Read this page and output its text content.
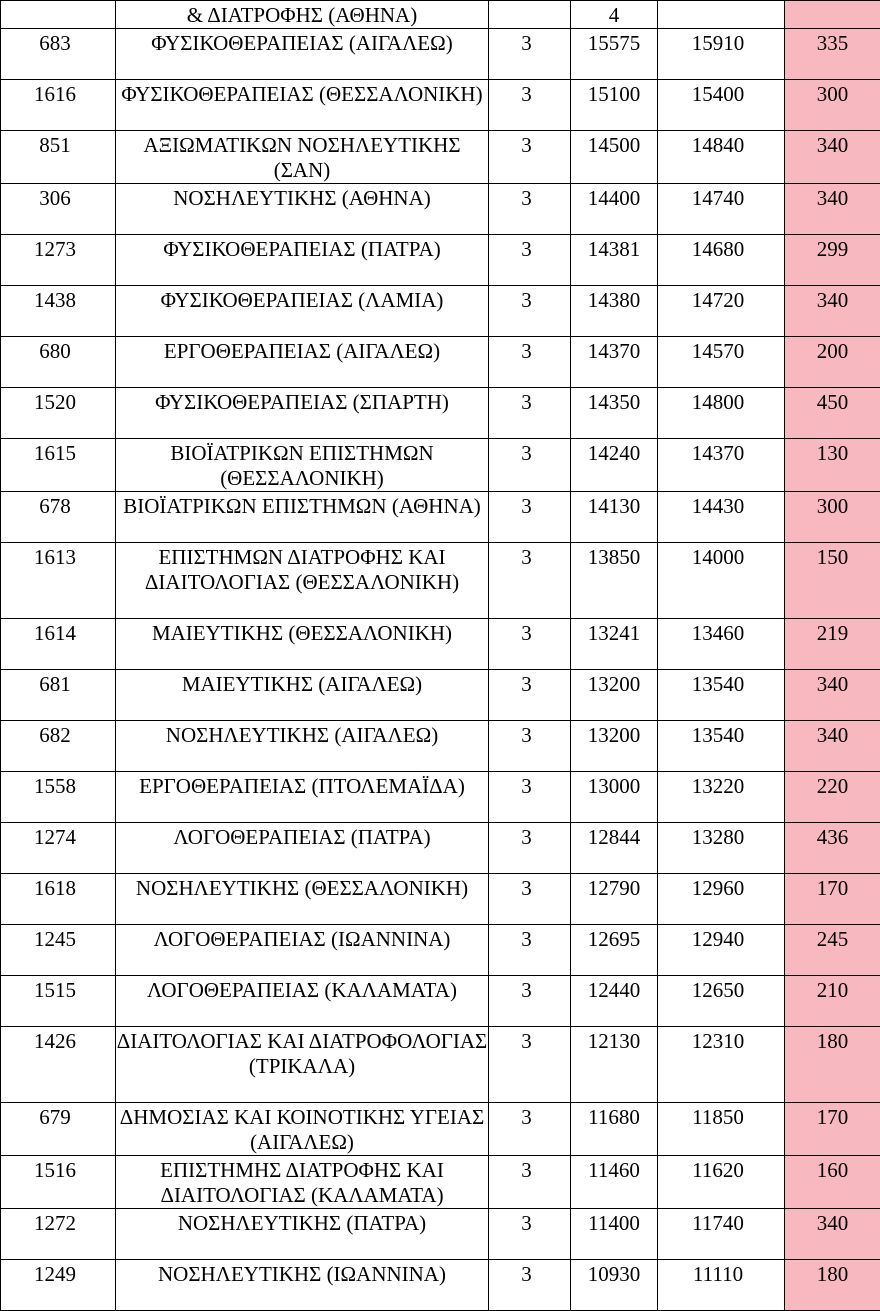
	& ΔΙΑΤΡΟΦΗΣ (ΑΘΗΝΑ)		4		
683	ΦΥΣΙΚΟΘΕΡΑΠΕΙΑΣ (ΑΙΓΑΛΕΩ)	3	15575	15910	335
1616	ΦΥΣΙΚΟΘΕΡΑΠΕΙΑΣ (ΘΕΣΣΑΛΟΝΙΚΗ)	3	15100	15400	300
851	ΑΞΙΩΜΑΤΙΚΩΝ ΝΟΣΗΛΕΥΤΙΚΗΣ (ΣΑΝ)	3	14500	14840	340
306	ΝΟΣΗΛΕΥΤΙΚΗΣ (ΑΘΗΝΑ)	3	14400	14740	340
1273	ΦΥΣΙΚΟΘΕΡΑΠΕΙΑΣ (ΠΑΤΡΑ)	3	14381	14680	299
1438	ΦΥΣΙΚΟΘΕΡΑΠΕΙΑΣ (ΛΑΜΙΑ)	3	14380	14720	340
680	ΕΡΓΟΘΕΡΑΠΕΙΑΣ (ΑΙΓΑΛΕΩ)	3	14370	14570	200
1520	ΦΥΣΙΚΟΘΕΡΑΠΕΙΑΣ (ΣΠΑΡΤΗ)	3	14350	14800	450
1615	ΒΙΟΪΑΤΡΙΚΩΝ ΕΠΙΣΤΗΜΩΝ (ΘΕΣΣΑΛΟΝΙΚΗ)	3	14240	14370	130
678	ΒΙΟΪΑΤΡΙΚΩΝ ΕΠΙΣΤΗΜΩΝ (ΑΘΗΝΑ)	3	14130	14430	300
1613	ΕΠΙΣΤΗΜΩΝ ΔΙΑΤΡΟΦΗΣ ΚΑΙ ΔΙΑΙΤΟΛΟΓΙΑΣ (ΘΕΣΣΑΛΟΝΙΚΗ)	3	13850	14000	150
1614	ΜΑΙΕΥΤΙΚΗΣ (ΘΕΣΣΑΛΟΝΙΚΗ)	3	13241	13460	219
681	ΜΑΙΕΥΤΙΚΗΣ (ΑΙΓΑΛΕΩ)	3	13200	13540	340
682	ΝΟΣΗΛΕΥΤΙΚΗΣ (ΑΙΓΑΛΕΩ)	3	13200	13540	340
1558	ΕΡΓΟΘΕΡΑΠΕΙΑΣ (ΠΤΟΛΕΜΑΪΔΑ)	3	13000	13220	220
1274	ΛΟΓΟΘΕΡΑΠΕΙΑΣ (ΠΑΤΡΑ)	3	12844	13280	436
1618	ΝΟΣΗΛΕΥΤΙΚΗΣ (ΘΕΣΣΑΛΟΝΙΚΗ)	3	12790	12960	170
1245	ΛΟΓΟΘΕΡΑΠΕΙΑΣ (ΙΩΑΝΝΙΝΑ)	3	12695	12940	245
1515	ΛΟΓΟΘΕΡΑΠΕΙΑΣ (ΚΑΛΑΜΑΤΑ)	3	12440	12650	210
1426	ΔΙΑΙΤΟΛΟΓΙΑΣ ΚΑΙ ΔΙΑΤΡΟΦΟΛΟΓΙΑΣ (ΤΡΙΚΑΛΑ)	3	12130	12310	180
679	ΔΗΜΟΣΙΑΣ ΚΑΙ ΚΟΙΝΟΤΙΚΗΣ ΥΓΕΙΑΣ (ΑΙΓΑΛΕΩ)	3	11680	11850	170
1516	ΕΠΙΣΤΗΜΗΣ ΔΙΑΤΡΟΦΗΣ ΚΑΙ ΔΙΑΙΤΟΛΟΓΙΑΣ (ΚΑΛΑΜΑΤΑ)	3	11460	11620	160
1272	ΝΟΣΗΛΕΥΤΙΚΗΣ (ΠΑΤΡΑ)	3	11400	11740	340
1249	ΝΟΣΗΛΕΥΤΙΚΗΣ (ΙΩΑΝΝΙΝΑ)	3	10930	11110	180
